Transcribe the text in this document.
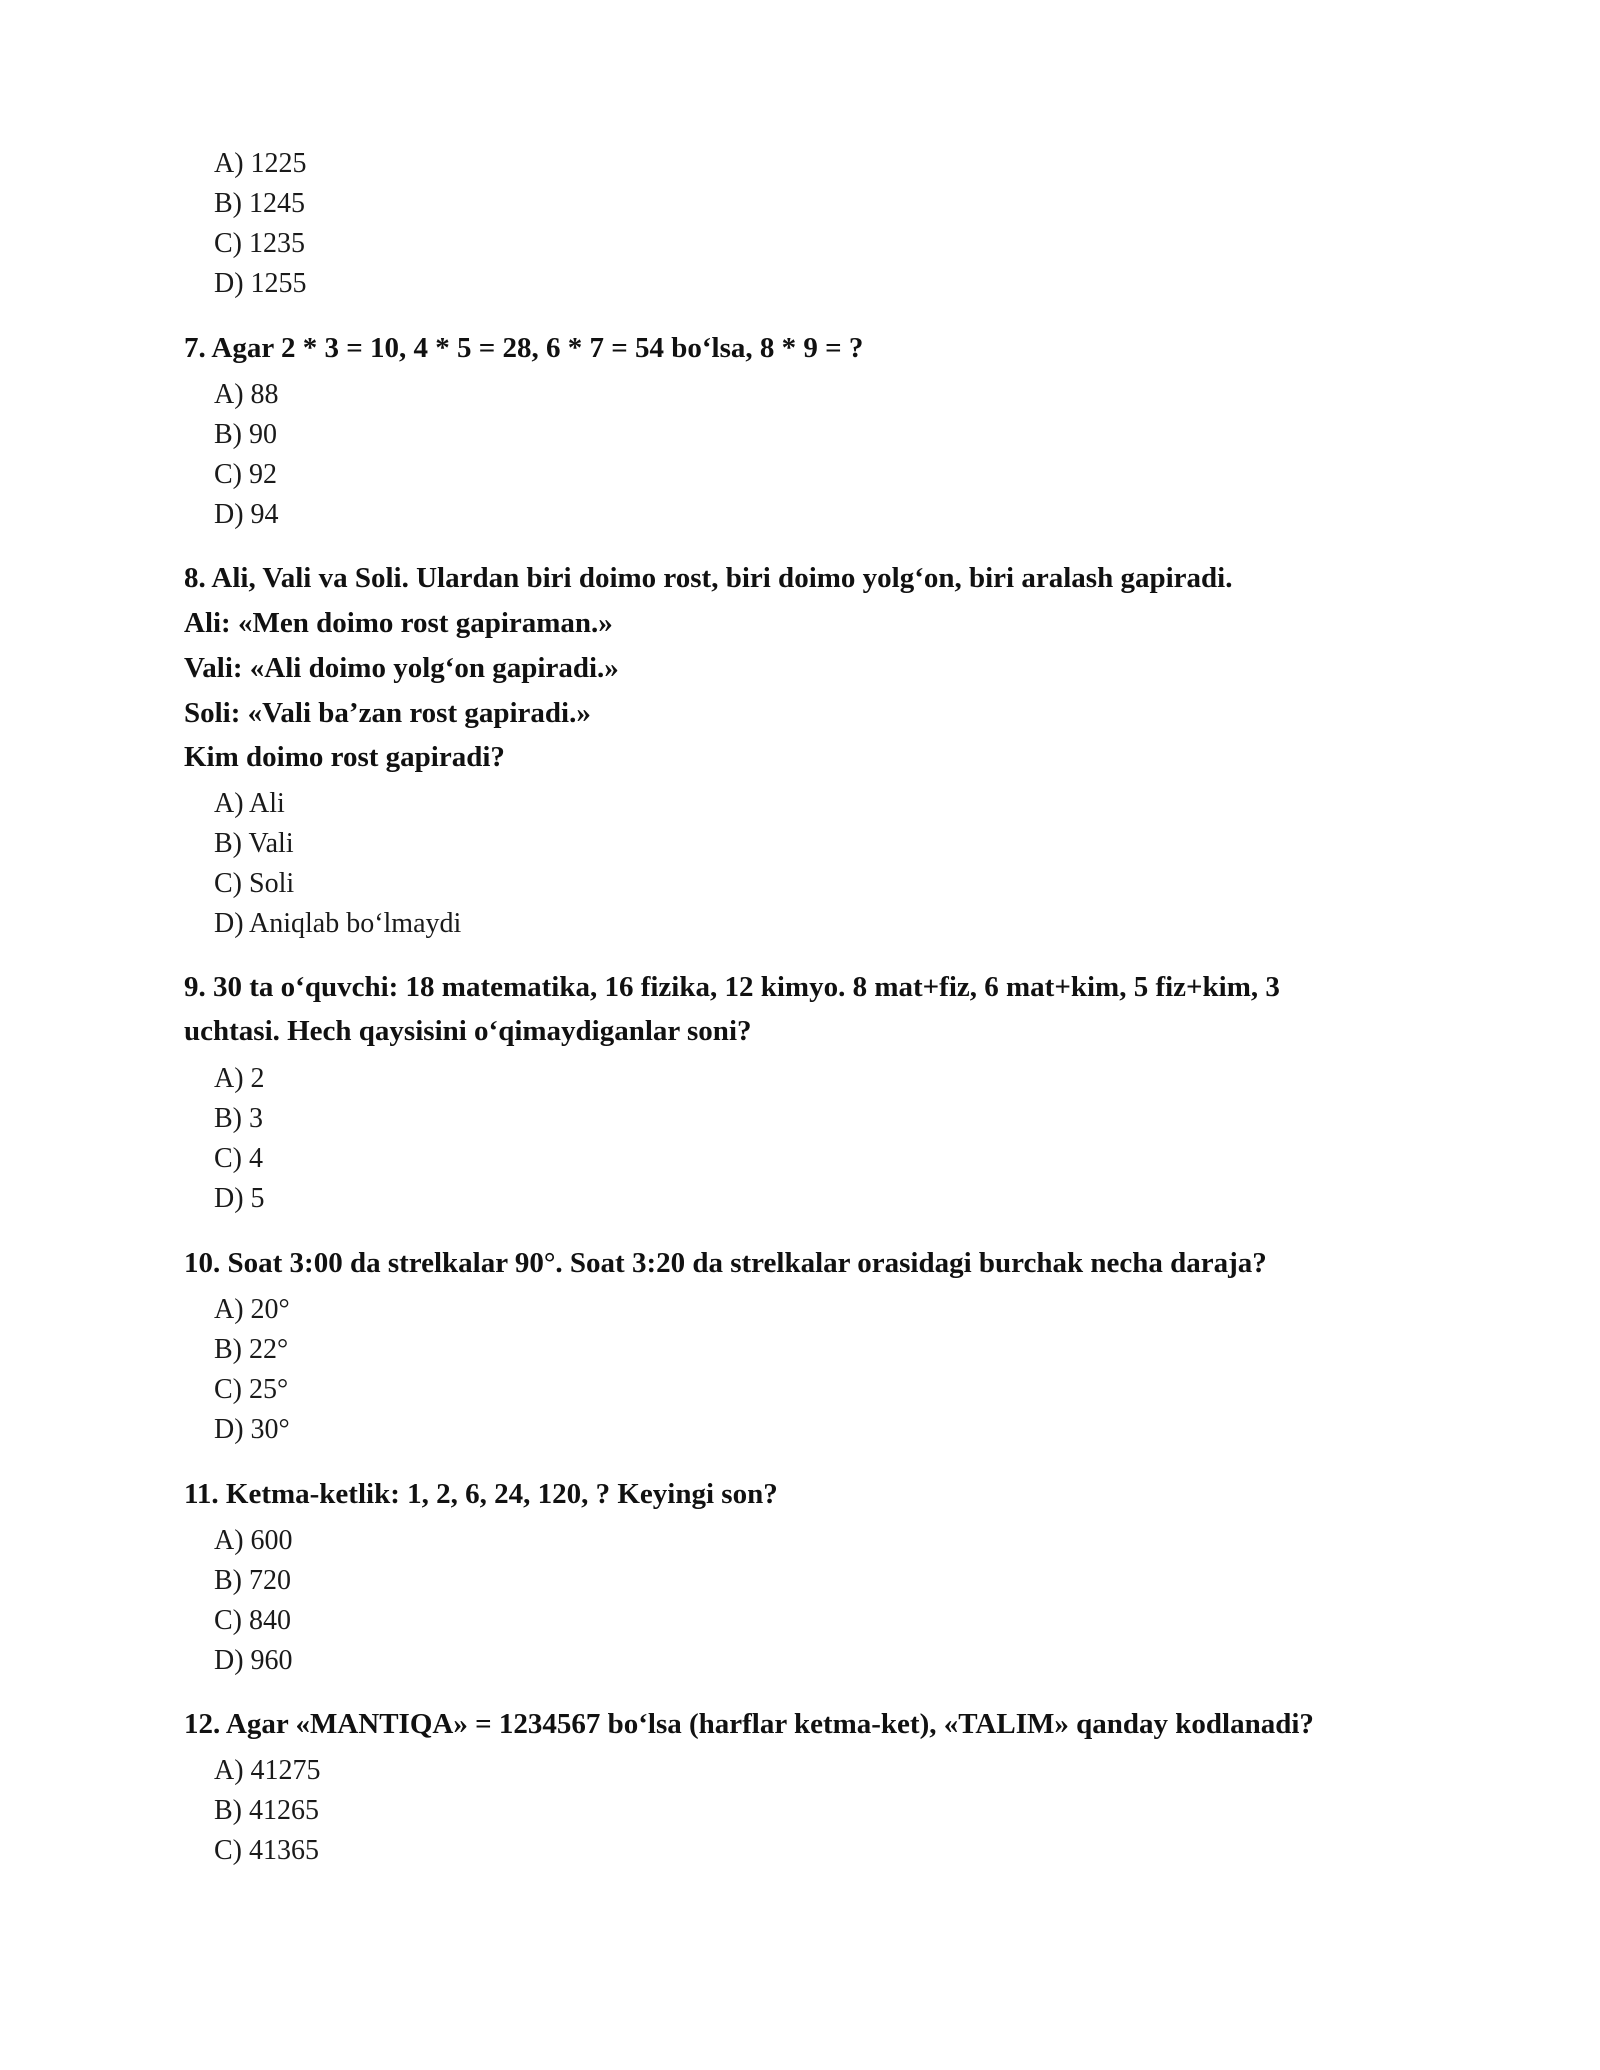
A) 1225
B) 1245
C) 1235
D) 1255
7. Agar 2 * 3 = 10, 4 * 5 = 28, 6 * 7 = 54 bo‘lsa, 8 * 9 = ?
A) 88
B) 90
C) 92
D) 94
8. Ali, Vali va Soli. Ulardan biri doimo rost, biri doimo yolg‘on, biri aralash gapiradi.
Ali: «Men doimo rost gapiraman.»
Vali: «Ali doimo yolg‘on gapiradi.»
Soli: «Vali ba’zan rost gapiradi.»
Kim doimo rost gapiradi?
A) Ali
B) Vali
C) Soli
D) Aniqlab bo‘lmaydi
9. 30 ta o‘quvchi: 18 matematika, 16 fizika, 12 kimyo. 8 mat+fiz, 6 mat+kim, 5 fiz+kim, 3
uchtasi. Hech qaysisini o‘qimaydiganlar soni?
A) 2
B) 3
C) 4
D) 5
10. Soat 3:00 da strelkalar 90°. Soat 3:20 da strelkalar orasidagi burchak necha daraja?
A) 20°
B) 22°
C) 25°
D) 30°
11. Ketma-ketlik: 1, 2, 6, 24, 120, ? Keyingi son?
A) 600
B) 720
C) 840
D) 960
12. Agar «MANTIQA» = 1234567 bo‘lsa (harflar ketma-ket), «TALIM» qanday kodlanadi?
A) 41275
B) 41265
C) 41365
